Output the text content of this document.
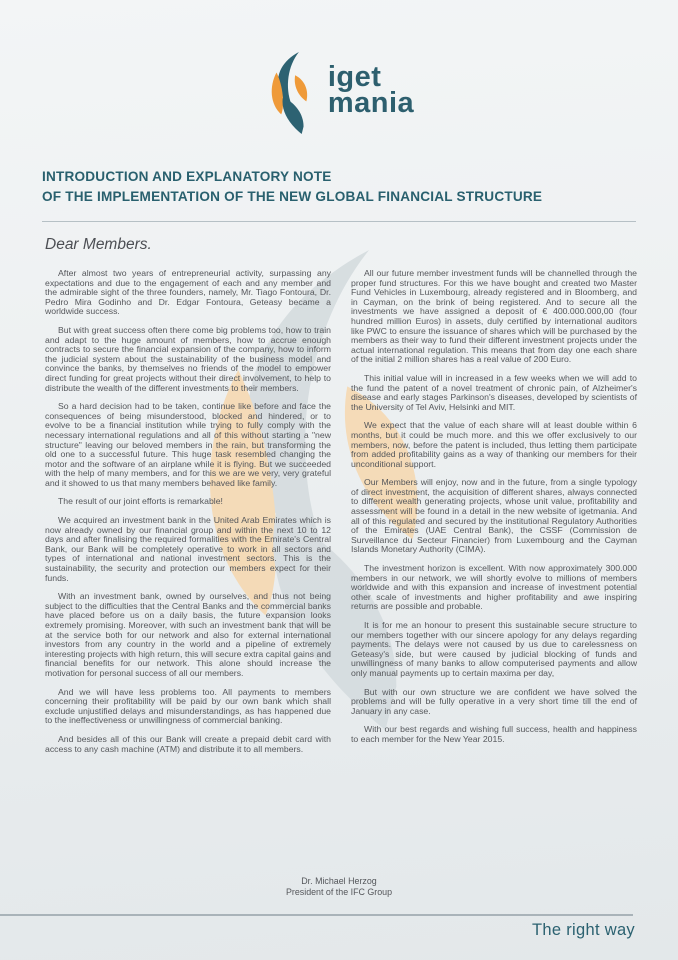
iget
mania
INTRODUCTION AND EXPLANATORY NOTE
OF THE IMPLEMENTATION OF THE NEW GLOBAL FINANCIAL STRUCTURE
Dear Members.

After almost two years of entrepreneurial activity, surpassing any expectations and due to the engagement of each and any member and the admirable sight of the three founders, namely, Mr. Tiago Fontoura, Dr. Pedro Mira Godinho and Dr. Edgar Fontoura, Geteasy became a worldwide success.

But with great success often there come big problems too, how to train and adapt to the huge amount of members, how to accrue enough contracts to secure the financial expansion of the company, how to inform the judicial system about the sustainability of the business model and convince the banks, by themselves no friends of the model to empower direct funding for great projects without their direct involvement, to help to distribute the wealth of the different investments to their members.

So a hard decision had to be taken, continue like before and face the consequences of being misunderstood, blocked and hindered, or to evolve to be a financial institution while trying to fully comply with the necessary international regulations and all of this without starting a "new structure" leaving our beloved members in the rain, but transforming the old one to a successful future. This huge task resembled changing the motor and the software of an airplane while it is flying. But we succeeded with the help of many members, and for this we are we very, very grateful and it showed to us that many members behaved like family.

The result of our joint efforts is remarkable!

We acquired an investment bank in the United Arab Emirates which is now already owned by our financial group and within the next 10 to 12 days and after finalising the required formalities with the Emirate's Central Bank, our Bank will be completely operative to work in all sectors and types of international and national investment sectors. This is the sustainability, the security and protection our members expect for their funds.

With an investment bank, owned by ourselves, and thus not being subject to the difficulties that the Central Banks and the commercial banks have placed before us on a daily basis, the future expansion looks extremely promising. Moreover, with such an investment bank that will be at the service both for our network and also for external international investors from any country in the world and a pipeline of extremely interesting projects with high return, this will secure extra capital gains and financial benefits for our network. This alone should increase the motivation for personal success of all our members.

And we will have less problems too. All payments to members concerning their profitability will be paid by our own bank which shall exclude unjustified delays and misunderstandings, as has happened due to the ineffectiveness or unwillingness of commercial banking.

And besides all of this our Bank will create a prepaid debit card with access to any cash machine (ATM) and distribute it to all members.

All our future member investment funds will be channelled through the proper fund structures. For this we have bought and created two Master Fund Vehicles in Luxembourg, already registered and in Bloomberg, and in Cayman, on the brink of being registered. And to secure all the investments we have assigned a deposit of € 400.000.000,00 (four hundred million Euros) in assets, duly certified by international auditors like PWC to ensure the issuance of shares which will be purchased by the members as their way to fund their different investment projects under the actual international regulation. This means that from day one each share of the initial 2 million shares has a real value of 200 Euro.

This initial value will in increased in a few weeks when we will add to the fund the patent of a novel treatment of chronic pain, of Alzheimer's disease and early stages Parkinson's diseases, developed by scientists of the University of Tel Aviv, Helsinki and MIT.

We expect that the value of each share will at least double within 6 months, but it could be much more. and this we offer exclusively to our members, now, before the patent is included, thus letting them participate from added profitability gains as a way of thanking our members for their unconditional support.

Our Members will enjoy, now and in the future, from a single typology of direct investment, the acquisition of different shares, always connected to different wealth generating projects, whose unit value, profitability and assessment will be found in a detail in the new website of igetmania. And all of this regulated and secured by the institutional Regulatory Authorities of the Emirates (UAE Central Bank), the CSSF (Commission de Surveillance du Secteur Financier) from Luxembourg and the Cayman Islands Monetary Authority (CIMA).

The investment horizon is excellent. With now approximately 300.000 members in our network, we will shortly evolve to millions of members worldwide and with this expansion and increase of investment potential other scale of investments and higher profitability and awe inspiring returns are possible and probable.

It is for me an honour to present this sustainable secure structure to our members together with our sincere apology for any delays regarding payments. The delays were not caused by us due to carelessness on Geteasy's side, but were caused by judicial blocking of funds and unwillingness of many banks to allow computerised payments and allow only manual payments up to certain maxima per day,

But with our own structure we are confident we have solved the problems and will be fully operative in a very short time till the end of January in any case.

With our best regards and wishing full success, health and happiness to each member for the New Year 2015.

Dr. Michael Herzog
President of the IFC Group
The right way
